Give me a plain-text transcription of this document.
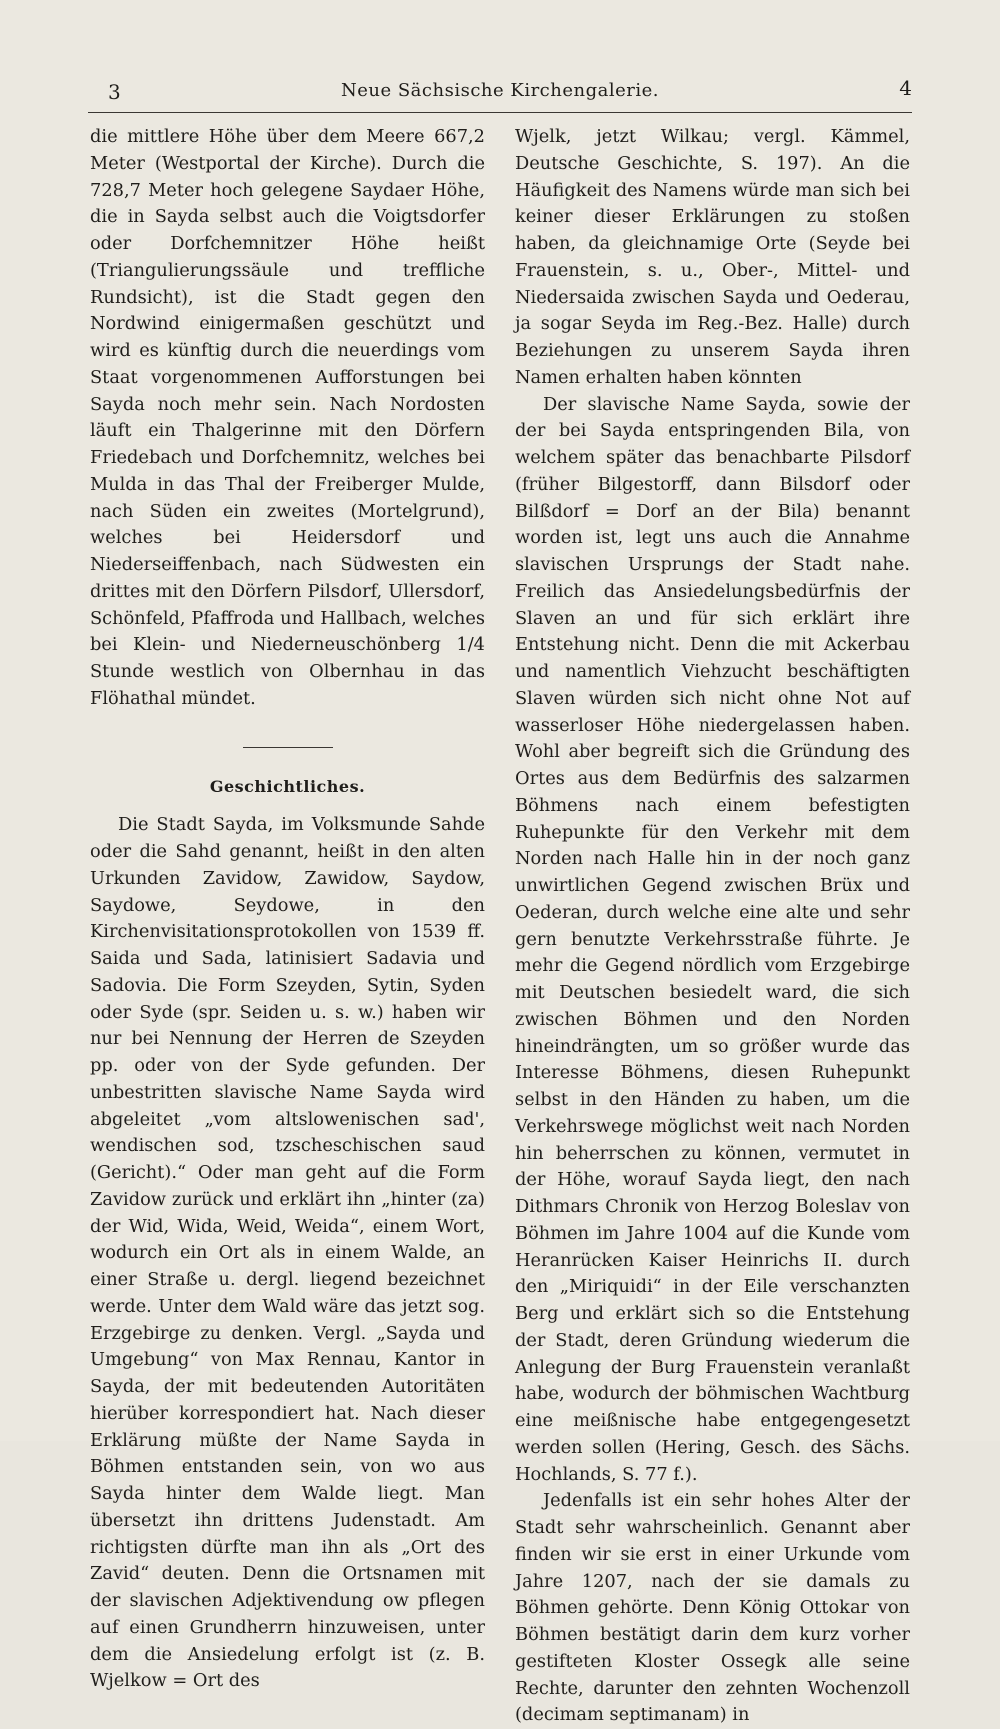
3	Neue Sächsische Kirchengalerie.	4

die mittlere Höhe über dem Meere 667,2 Meter (Westportal der Kirche). Durch die 728,7 Meter hoch gelegene Saydaer Höhe, die in Sayda selbst auch die Voigtsdorfer oder Dorfchemnitzer Höhe heißt (Triangulierungssäule und treffliche Rundsicht), ist die Stadt gegen den Nordwind einigermaßen geschützt und wird es künftig durch die neuerdings vom Staat vorgenommenen Aufforstungen bei Sayda noch mehr sein. Nach Nordosten läuft ein Thalgerinne mit den Dörfern Friedebach und Dorfchemnitz, welches bei Mulda in das Thal der Freiberger Mulde, nach Süden ein zweites (Mortelgrund), welches bei Heidersdorf und Niederseiffenbach, nach Südwesten ein drittes mit den Dörfern Pilsdorf, Ullersdorf, Schönfeld, Pfaffroda und Hallbach, welches bei Klein- und Niederneuschönberg 1/4 Stunde westlich von Olbernhau in das Flöhathal mündet.

Geschichtliches.

Die Stadt Sayda, im Volksmunde Sahde oder die Sahd genannt, heißt in den alten Urkunden Zavidow, Zawidow, Saydow, Saydowe, Seydowe, in den Kirchenvisitationsprotokollen von 1539 ff. Saida und Sada, latinisiert Sadavia und Sadovia. Die Form Szeyden, Sytin, Syden oder Syde (spr. Seiden u. s. w.) haben wir nur bei Nennung der Herren de Szeyden pp. oder von der Syde gefunden. Der unbestritten slavische Name Sayda wird abgeleitet „vom altslowenischen sad', wendischen sod, tzscheschischen saud (Gericht).“ Oder man geht auf die Form Zavidow zurück und erklärt ihn „hinter (za) der Wid, Wida, Weid, Weida“, einem Wort, wodurch ein Ort als in einem Walde, an einer Straße u. dergl. liegend bezeichnet werde. Unter dem Wald wäre das jetzt sog. Erzgebirge zu denken. Vergl. „Sayda und Umgebung“ von Max Rennau, Kantor in Sayda, der mit bedeutenden Autoritäten hierüber korrespondiert hat. Nach dieser Erklärung müßte der Name Sayda in Böhmen entstanden sein, von wo aus Sayda hinter dem Walde liegt. Man übersetzt ihn drittens Judenstadt. Am richtigsten dürfte man ihn als „Ort des Zavid“ deuten. Denn die Ortsnamen mit der slavischen Adjektivendung ow pflegen auf einen Grundherrn hinzuweisen, unter dem die Ansiedelung erfolgt ist (z. B. Wjelkow = Ort des

Wjelk, jetzt Wilkau; vergl. Kämmel, Deutsche Geschichte, S. 197). An die Häufigkeit des Namens würde man sich bei keiner dieser Erklärungen zu stoßen haben, da gleichnamige Orte (Seyde bei Frauenstein, s. u., Ober-, Mittel- und Niedersaida zwischen Sayda und Oederau, ja sogar Seyda im Reg.-Bez. Halle) durch Beziehungen zu unserem Sayda ihren Namen erhalten haben könnten

Der slavische Name Sayda, sowie der der bei Sayda entspringenden Bila, von welchem später das benachbarte Pilsdorf (früher Bilgestorff, dann Bilsdorf oder Bilßdorf = Dorf an der Bila) benannt worden ist, legt uns auch die Annahme slavischen Ursprungs der Stadt nahe. Freilich das Ansiedelungsbedürfnis der Slaven an und für sich erklärt ihre Entstehung nicht. Denn die mit Ackerbau und namentlich Viehzucht beschäftigten Slaven würden sich nicht ohne Not auf wasserloser Höhe niedergelassen haben. Wohl aber begreift sich die Gründung des Ortes aus dem Bedürfnis des salzarmen Böhmens nach einem befestigten Ruhepunkte für den Verkehr mit dem Norden nach Halle hin in der noch ganz unwirtlichen Gegend zwischen Brüx und Oederan, durch welche eine alte und sehr gern benutzte Verkehrsstraße führte. Je mehr die Gegend nördlich vom Erzgebirge mit Deutschen besiedelt ward, die sich zwischen Böhmen und den Norden hineindrängten, um so größer wurde das Interesse Böhmens, diesen Ruhepunkt selbst in den Händen zu haben, um die Verkehrswege möglichst weit nach Norden hin beherrschen zu können, vermutet in der Höhe, worauf Sayda liegt, den nach Dithmars Chronik von Herzog Boleslav von Böhmen im Jahre 1004 auf die Kunde vom Heranrücken Kaiser Heinrichs II. durch den „Miriquidi“ in der Eile verschanzten Berg und erklärt sich so die Entstehung der Stadt, deren Gründung wiederum die Anlegung der Burg Frauenstein veranlaßt habe, wodurch der böhmischen Wachtburg eine meißnische habe entgegengesetzt werden sollen (Hering, Gesch. des Sächs. Hochlands, S. 77 f.).

Jedenfalls ist ein sehr hohes Alter der Stadt sehr wahrscheinlich. Genannt aber finden wir sie erst in einer Urkunde vom Jahre 1207, nach der sie damals zu Böhmen gehörte. Denn König Ottokar von Böhmen bestätigt darin dem kurz vorher gestifteten Kloster Ossegk alle seine Rechte, darunter den zehnten Wochenzoll (decimam septimanam) in
